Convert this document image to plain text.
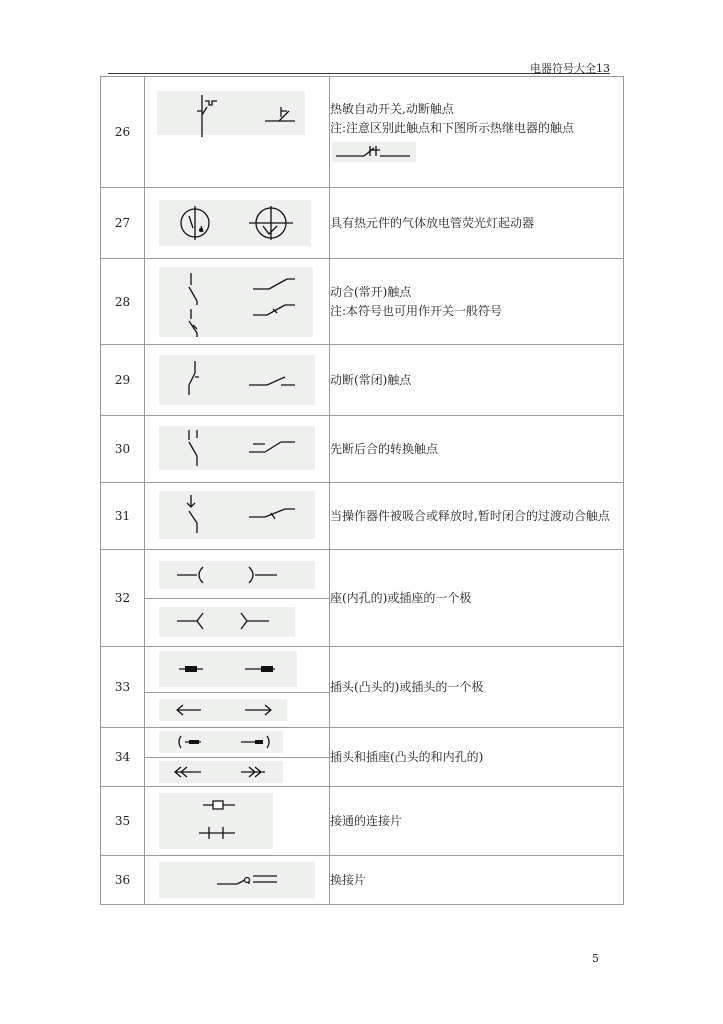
电器符号大全13
26		热敏自动开关,动断触点
注:注意区别此触点和下图所示热继电器的触点

27		具有热元件的气体放电管荧光灯起动器

28		动合(常开)触点
注:本符号也可用作开关一般符号

29		动断(常闭)触点

30		先断后合的转换触点

31		当操作器件被吸合或释放时,暂时闭合的过渡动合触点

32		座(内孔的)或插座的一个极

33		插头(凸头的)或插头的一个极

34		插头和插座(凸头的和内孔的)

35		接通的连接片

36		换接片
5
